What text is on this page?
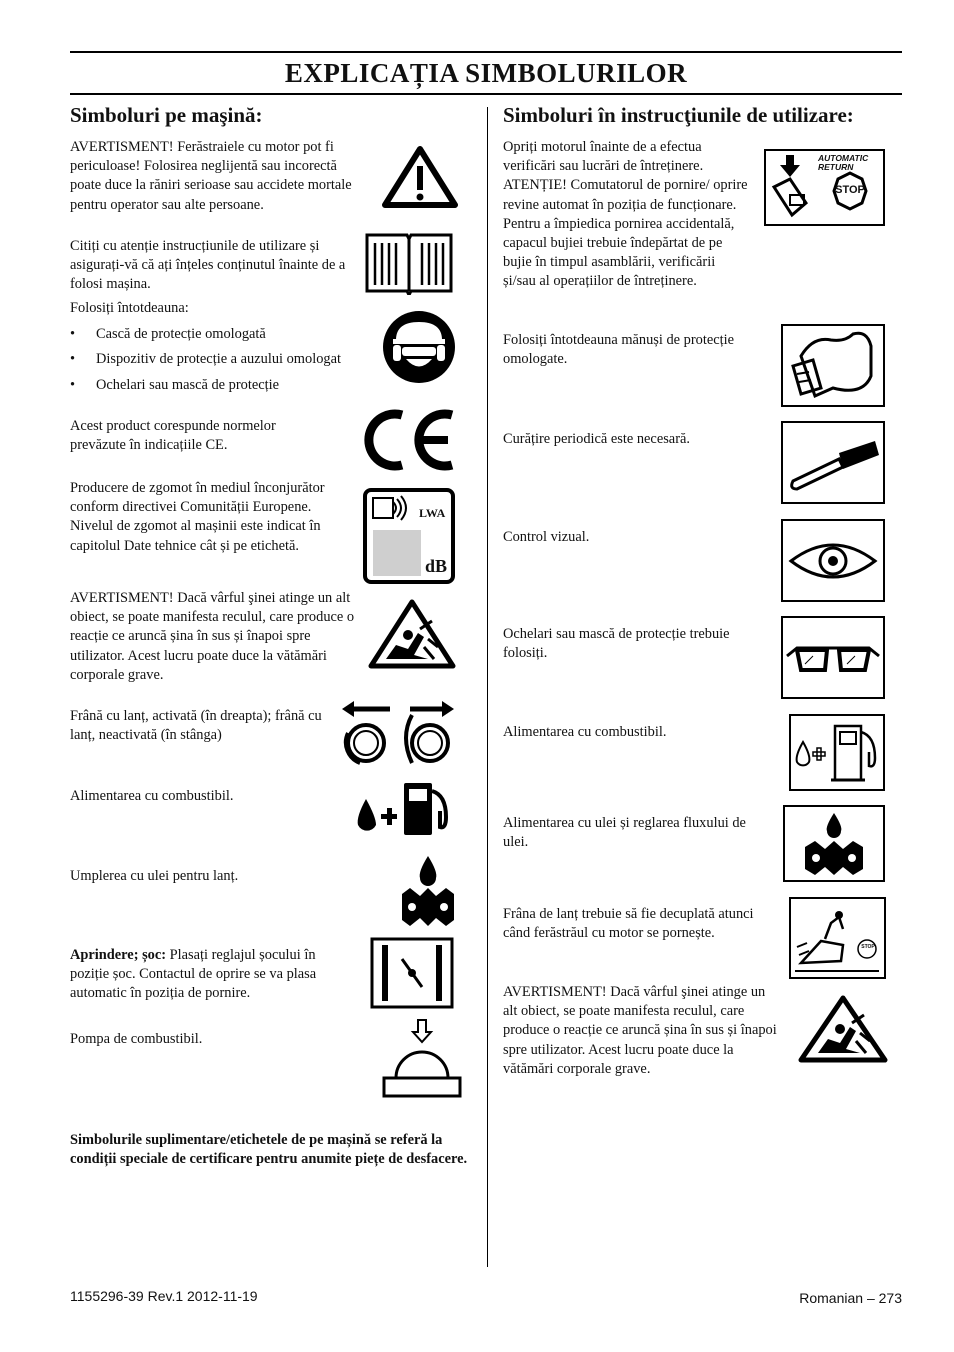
EXPLICAȚIA SIMBOLURILOR
Simboluri pe maşină:
AVERTISMENT! Ferăstraiele cu motor pot fi periculoase! Folosirea neglijentă sau incorectă poate duce la răniri serioase sau accidete mortale pentru operator sau alte persoane.
Citiți cu atenție instrucțiunile de utilizare și asigurați-vă că ați înțeles conținutul înainte de a folosi mașina.
Folosiți întotdeauna:
• Cască de protecție omologată
• Dispozitiv de protecție a auzului omologat
• Ochelari sau mască de protecție
Acest product corespunde normelor prevăzute în indicațiile CE.
Producere de zgomot în mediul înconjurător conform directivei Comunității Europene. Nivelul de zgomot al mașinii este indicat în capitolul Date tehnice cât și pe etichetă.
LWA
dB
AVERTISMENT! Dacă vârful şinei atinge un alt obiect, se poate manifesta reculul, care produce o reacție ce aruncă șina în sus și înapoi spre utilizator. Acest lucru poate duce la vătămări corporale grave.
Frână cu lanț, activată (în dreapta); frână cu lanț, neactivată (în stânga)
Alimentarea cu combustibil.
Umplerea cu ulei pentru lanț.
Aprindere; șoc: Plasați reglajul șocului în poziție șoc. Contactul de oprire se va plasa automatic în poziția de pornire.
Pompa de combustibil.
Simbolurile suplimentare/etichetele de pe mașină se referă la condiții speciale de certificare pentru anumite piețe de desfacere.
Simboluri în instrucţiunile de utilizare:
Opriți motorul înainte de a efectua verificări sau lucrări de întreținere. ATENȚIE! Comutatorul de pornire/ oprire revine automat în poziția de funcționare. Pentru a împiedica pornirea accidentală, capacul bujiei trebuie îndepărtat de pe bujie în timpul asamblării, verificării și/sau al operațiilor de întreținere.
AUTOMATIC RETURN
STOP
Folosiți întotdeauna mănuși de protecție omologate.
Curățire periodică este necesară.
Control vizual.
Ochelari sau mască de protecție trebuie folosiți.
Alimentarea cu combustibil.
Alimentarea cu ulei și reglarea fluxului de ulei.
Frâna de lanț trebuie să fie decuplată atunci când ferăstrăul cu motor se pornește.
STOP
AVERTISMENT! Dacă vârful şinei atinge un alt obiect, se poate manifesta reculul, care produce o reacție ce aruncă șina în sus și înapoi spre utilizator. Acest lucru poate duce la vătămări corporale grave.
1155296-39 Rev.1 2012-11-19	Romanian – 273
